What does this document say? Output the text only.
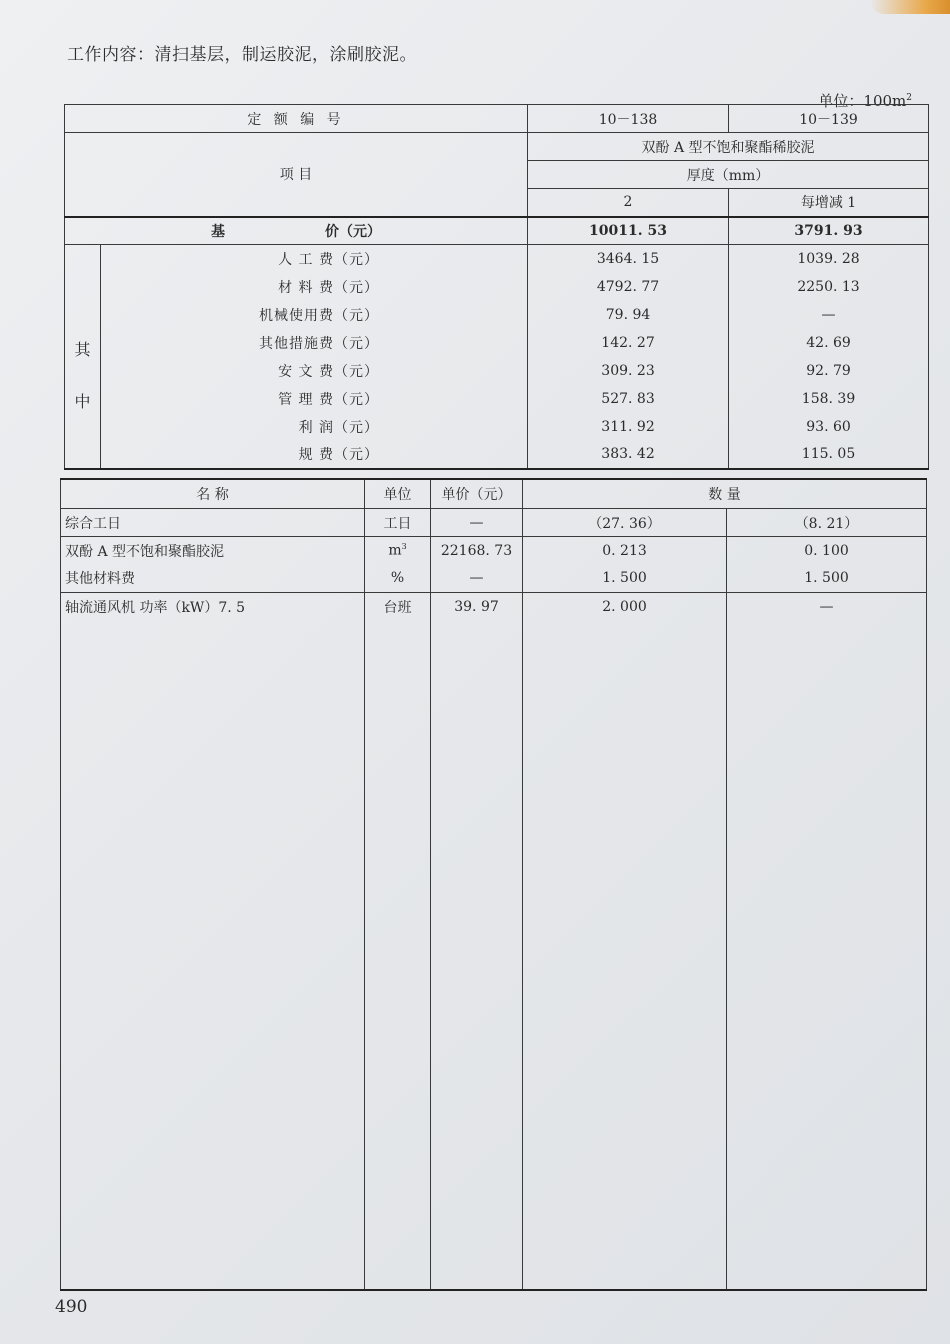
工作内容：清扫基层，制运胶泥，涂刷胶泥。
单位：$100m^2$
定 额 编 号		10－138	10－139
项 目		双酚 A 型不饱和聚酯稀胶泥	
		厚度（mm）	
		2	每增减 1
基 价（元）		10011. 53	3791. 93

其
中	人 工 费（元）	3464. 15	1039. 28
	材 料 费（元）	4792. 77	2250. 13
	机械使用费（元）	79. 94	—
	其他措施费（元）	142. 27	42. 69
	安 文 费（元）	309. 23	92. 79
	管 理 费（元）	527. 83	158. 39
	利 润（元）	311. 92	93. 60
	规 费（元）	383. 42	115. 05
名 称	单位	单价（元）	数 量	
综合工日	工日	—	（27. 36）	（8. 21）
双酚 A 型不饱和聚酯胶泥	$m^3$	22168. 73	0. 213	0. 100
其他材料费	%	—	1. 500	1. 500
轴流通风机 功率（kW）7. 5	台班	39. 97	2. 000	—

490
